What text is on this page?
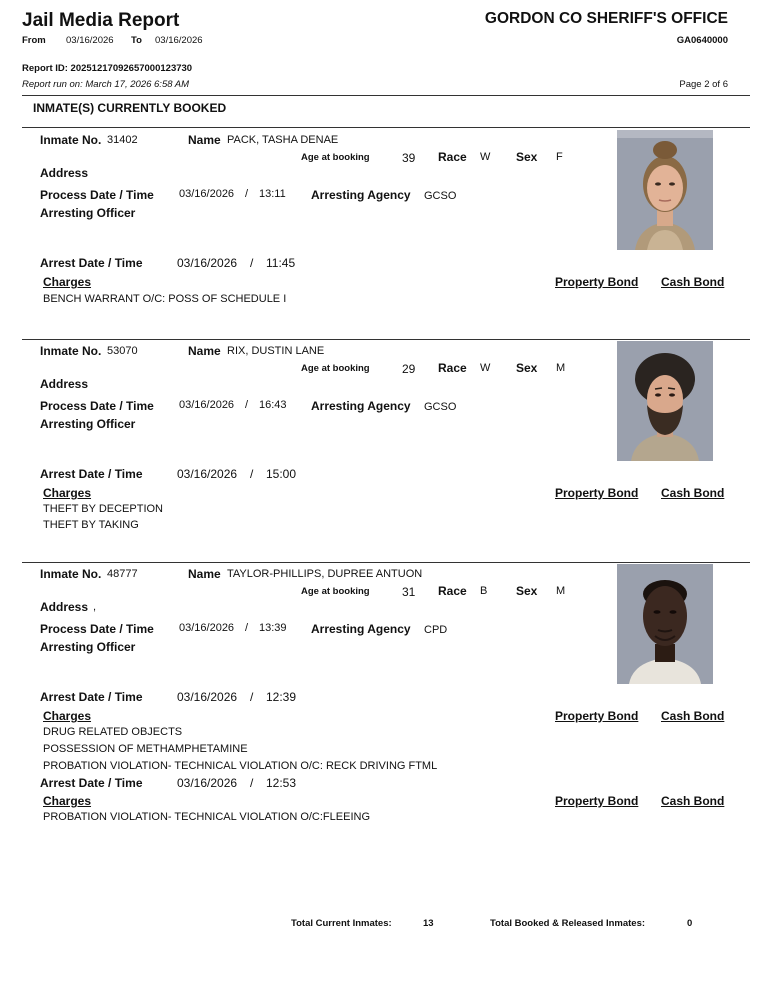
Jail Media Report	GORDON CO SHERIFF'S OFFICE
From 03/16/2026 To 03/16/2026	GA0640000
Report ID: 20251217092657000123730
Report run on: March 17, 2026 6:58 AM	Page 2 of 6
INMATE(S) CURRENTLY BOOKED
Inmate No. 31402	Name PACK, TASHA DENAE
Age at booking	39 Race W Sex F
Address
Process Date / Time 03/16/2026 / 13:11 Arresting Agency GCSO
Arresting Officer
Arrest Date / Time	03/16/2026 / 11:45
Charges	Property Bond Cash Bond
BENCH WARRANT O/C: POSS OF SCHEDULE I
Inmate No. 53070	Name RIX, DUSTIN LANE
Age at booking	29 Race W Sex M
Address
Process Date / Time 03/16/2026 / 16:43 Arresting Agency GCSO
Arresting Officer
Arrest Date / Time	03/16/2026 / 15:00
Charges	Property Bond Cash Bond
THEFT BY DECEPTION
THEFT BY TAKING
Inmate No. 48777	Name TAYLOR-PHILLIPS, DUPREE ANTUON
Age at booking	31 Race B Sex M
Address ,
Process Date / Time 03/16/2026 / 13:39 Arresting Agency CPD
Arresting Officer
Arrest Date / Time	03/16/2026 / 12:39
Charges	Property Bond Cash Bond
DRUG RELATED OBJECTS
POSSESSION OF METHAMPHETAMINE
PROBATION VIOLATION- TECHNICAL VIOLATION O/C: RECK DRIVING FTML
Arrest Date / Time	03/16/2026 / 12:53
Charges	Property Bond Cash Bond
PROBATION VIOLATION- TECHNICAL VIOLATION O/C:FLEEING
Total Current Inmates:	13	Total Booked & Released Inmates:	0
